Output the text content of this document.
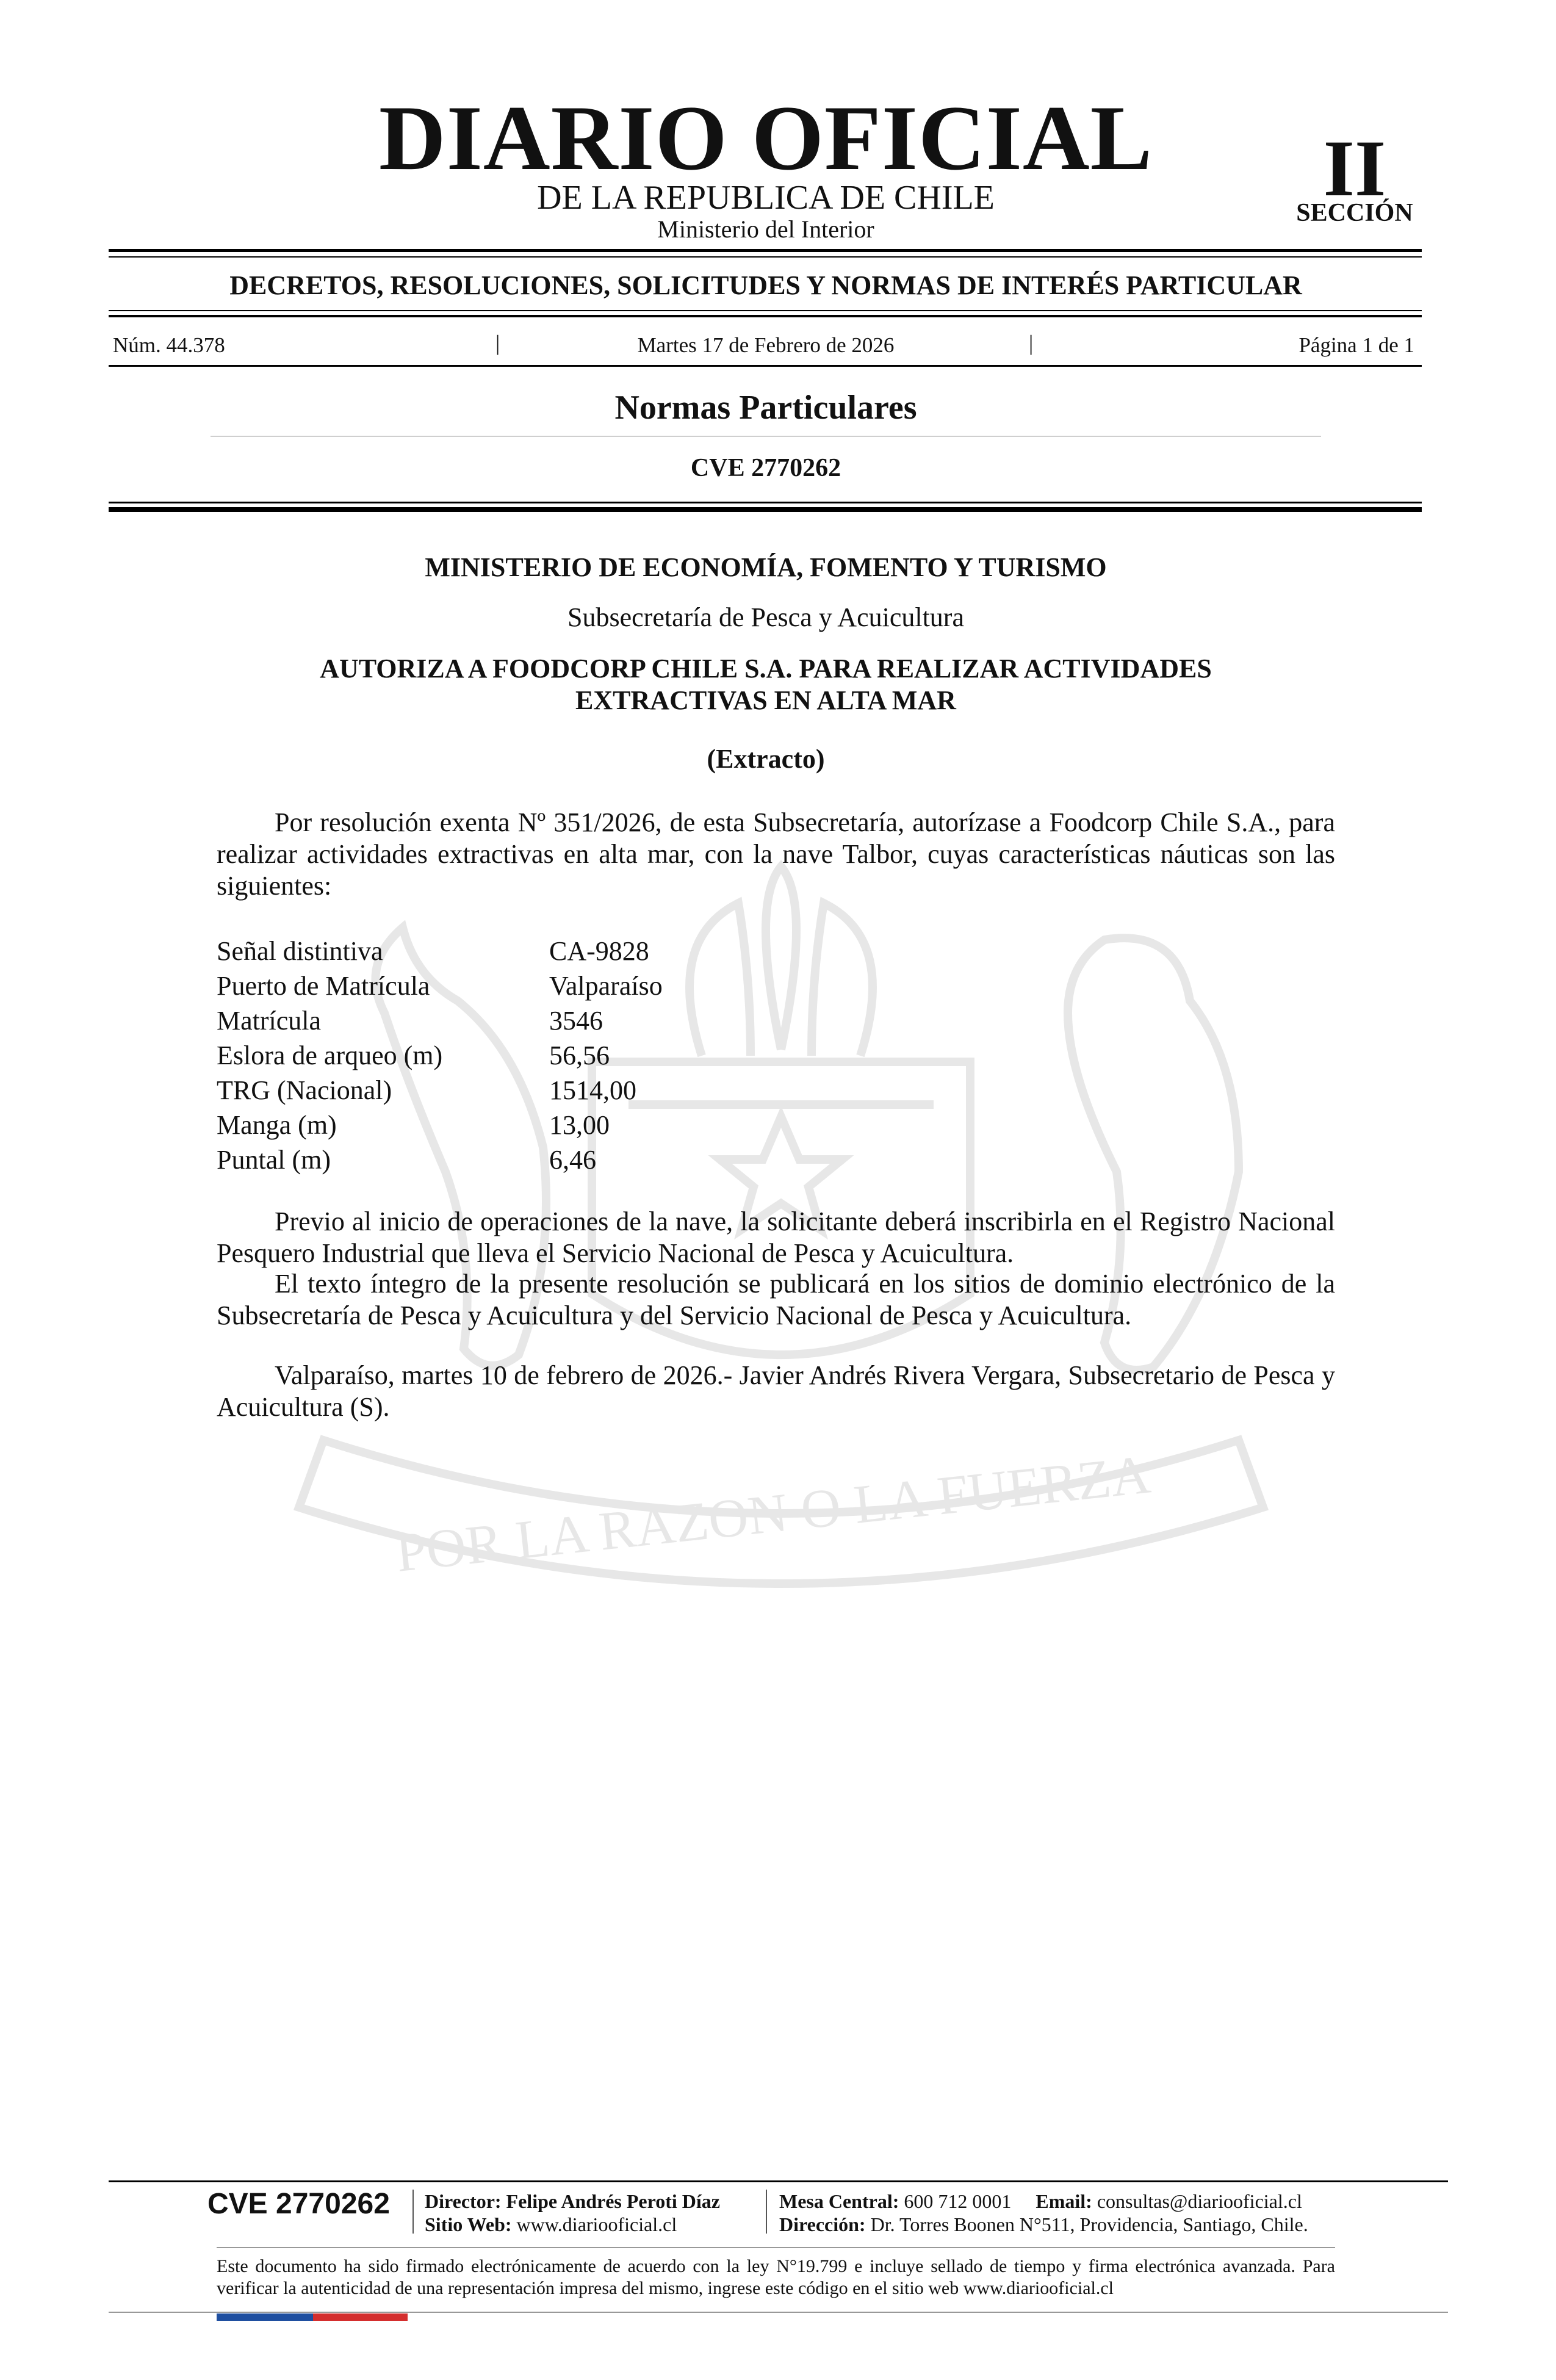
POR LA RAZON O LA FUERZA
DIARIO OFICIAL
DE LA REPUBLICA DE CHILE
Ministerio del Interior
II
SECCIÓN
DECRETOS, RESOLUCIONES, SOLICITUDES Y NORMAS DE INTERÉS PARTICULAR
Núm. 44.378	|	Martes 17 de Febrero de 2026	|	Página 1 de 1
Normas Particulares
CVE 2770262
MINISTERIO DE ECONOMÍA, FOMENTO Y TURISMO
Subsecretaría de Pesca y Acuicultura
AUTORIZA A FOODCORP CHILE S.A. PARA REALIZAR ACTIVIDADES EXTRACTIVAS EN ALTA MAR
(Extracto)

Por resolución exenta Nº 351/2026, de esta Subsecretaría, autorízase a Foodcorp Chile S.A., para realizar actividades extractivas en alta mar, con la nave Talbor, cuyas características náuticas son las siguientes:

Señal distintiva	CA-9828
Puerto de Matrícula	Valparaíso
Matrícula	3546
Eslora de arqueo (m)	56,56
TRG (Nacional)	1514,00
Manga (m)	13,00
Puntal (m)	6,46

Previo al inicio de operaciones de la nave, la solicitante deberá inscribirla en el Registro Nacional Pesquero Industrial que lleva el Servicio Nacional de Pesca y Acuicultura.

El texto íntegro de la presente resolución se publicará en los sitios de dominio electrónico de la Subsecretaría de Pesca y Acuicultura y del Servicio Nacional de Pesca y Acuicultura.

Valparaíso, martes 10 de febrero de 2026.- Javier Andrés Rivera Vergara, Subsecretario de Pesca y Acuicultura (S).

CVE 2770262 Director: Felipe Andrés Peroti Díaz
Sitio Web: www.diariooficial.cl
Mesa Central: 600 712 0001 Email: consultas@diariooficial.cl
Dirección: Dr. Torres Boonen N°511, Providencia, Santiago, Chile.

Este documento ha sido firmado electrónicamente de acuerdo con la ley N°19.799 e incluye sellado de tiempo y firma electrónica avanzada. Para verificar la autenticidad de una representación impresa del mismo, ingrese este código en el sitio web www.diariooficial.cl
